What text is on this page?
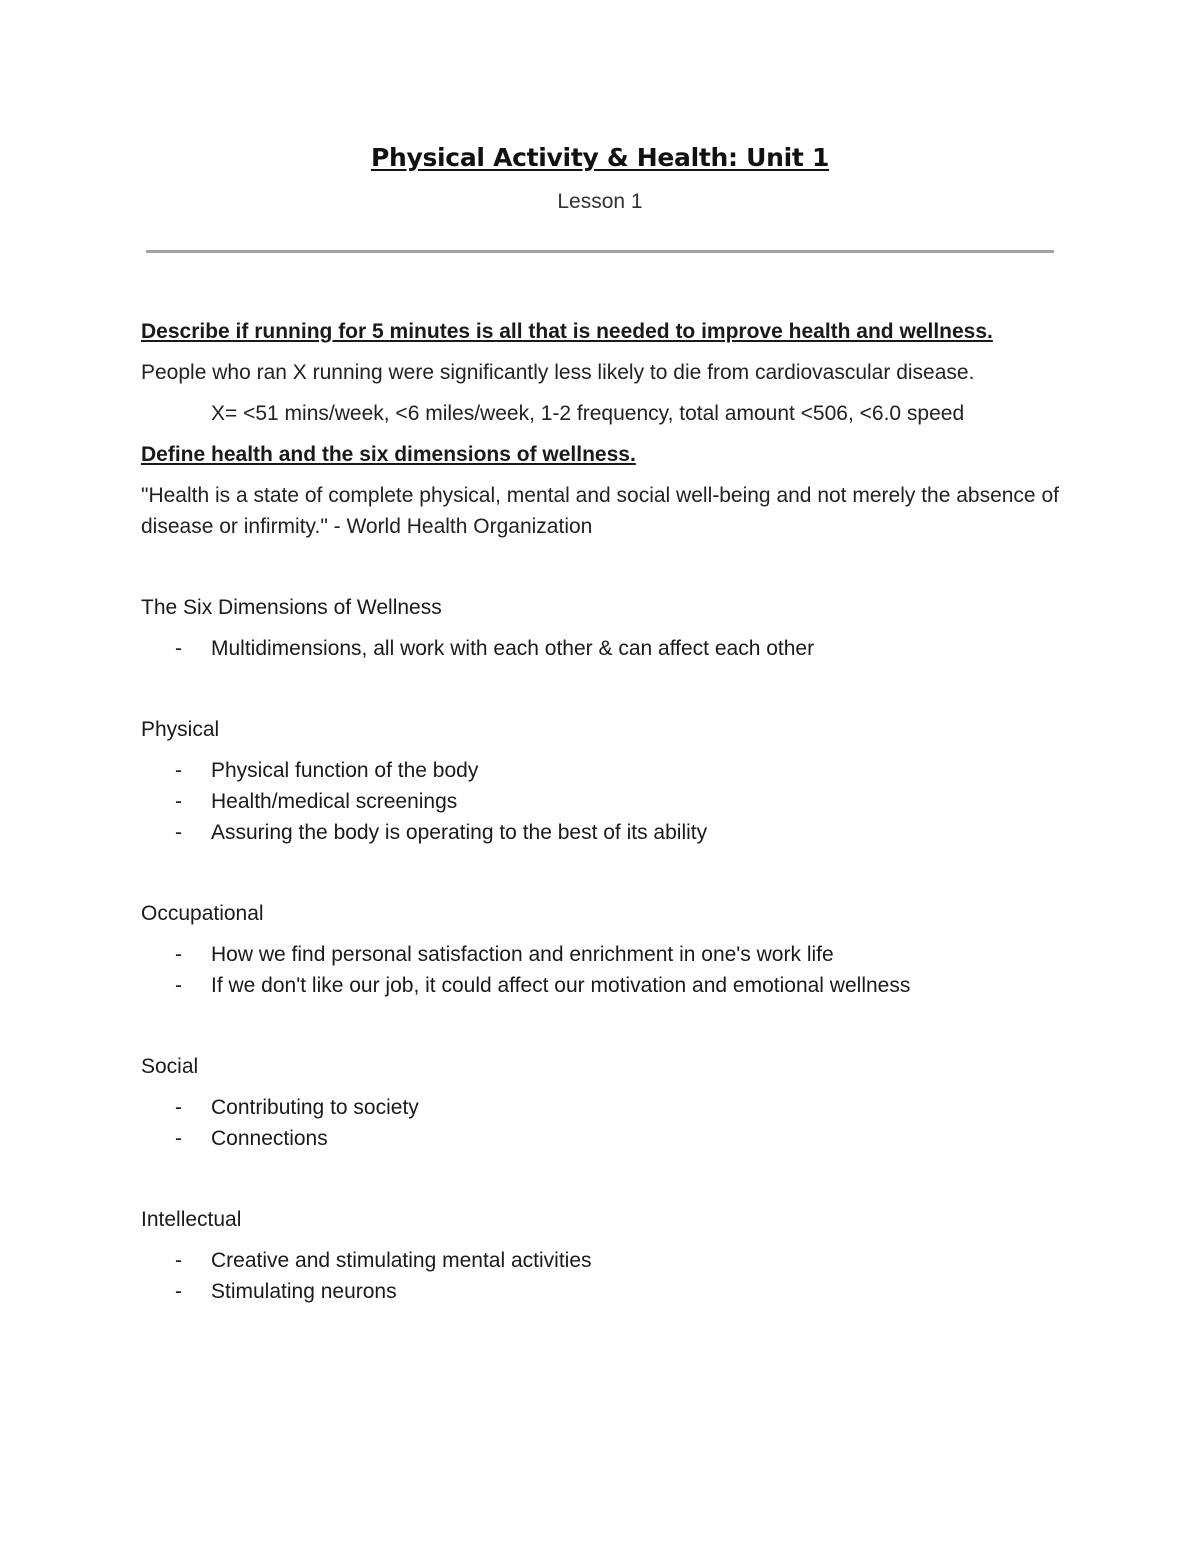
Physical Activity & Health: Unit 1
Lesson 1

Describe if running for 5 minutes is all that is needed to improve health and wellness.

People who ran X running were significantly less likely to die from cardiovascular disease.

X= <51 mins/week, <6 miles/week, 1-2 frequency, total amount <506, <6.0 speed

Define health and the six dimensions of wellness.

"Health is a state of complete physical, mental and social well-being and not merely the absence of disease or infirmity." - World Health Organization

The Six Dimensions of Wellness

- Multidimensions, all work with each other & can affect each other

Physical

- Physical function of the body
- Health/medical screenings
- Assuring the body is operating to the best of its ability

Occupational

- How we find personal satisfaction and enrichment in one's work life
- If we don't like our job, it could affect our motivation and emotional wellness

Social

- Contributing to society
- Connections

Intellectual

- Creative and stimulating mental activities
- Stimulating neurons
